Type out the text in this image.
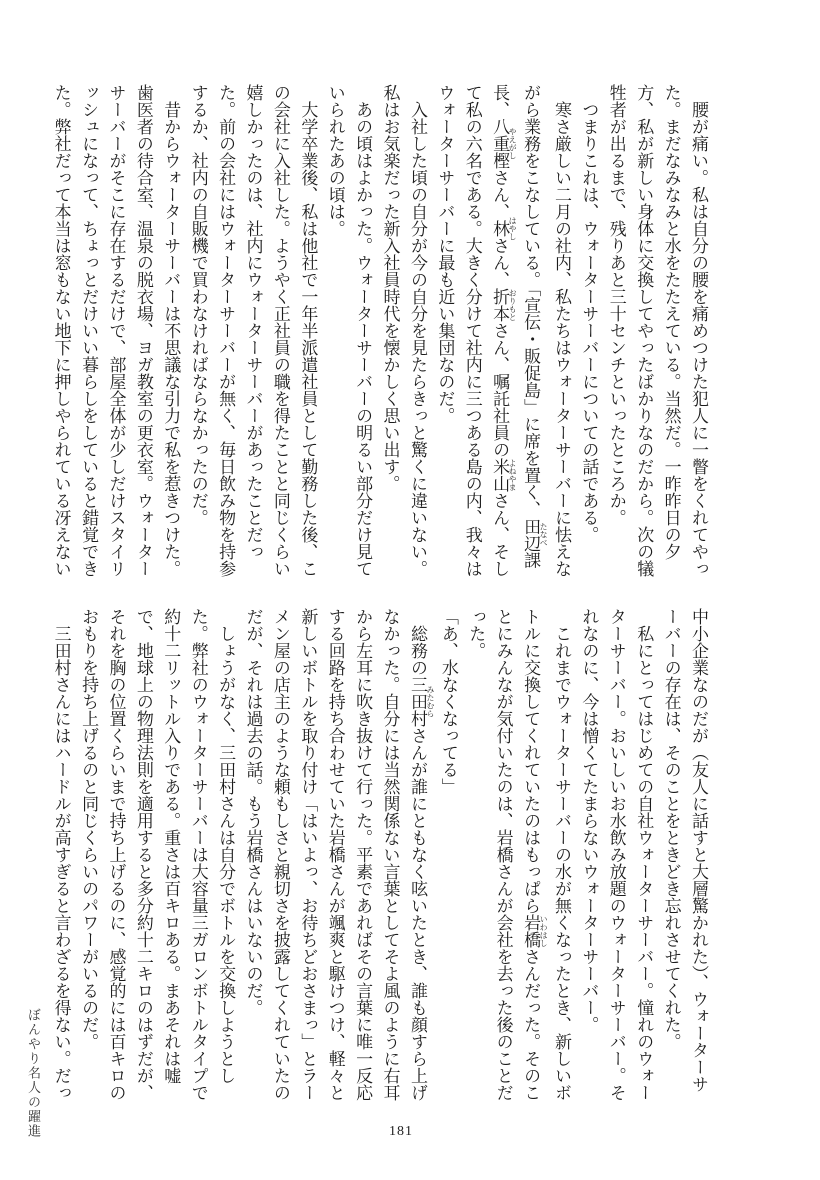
　腰が痛い。私は自分の腰を痛めつけた犯人に一瞥をくれてやっ

た。まだなみなみと水をたたえている。当然だ。一昨昨日の夕

方、私が新しい身体に交換してやったばかりなのだから。次の犠

牲者が出るまで、残りあと三十センチといったところか。

　つまりこれは、ウォーターサーバーについての話である。

　寒さ厳しい二月の社内、私たちはウォーターサーバーに怯えな

がら業務をこなしている。「宣伝・販促島」に席を置く、田辺 たなべ課

長、八重樫 やえがしさん、林 はやしさん、折本 おりもとさん、嘱託社員の米山 よねやまさん、そし

て私の六名である。大きく分けて社内に三つある島の内、我々は

ウォーターサーバーに最も近い集団なのだ。

　入社した頃の自分が今の自分を見たらきっと驚くに違いない。

私はお気楽だった新入社員時代を懐かしく思い出す。

　あの頃はよかった。ウォーターサーバーの明るい部分だけ見て

いられたあの頃は。

　大学卒業後、私は他社で一年半派遣社員として勤務した後、こ

の会社に入社した。ようやく正社員の職を得たことと同じくらい

嬉しかったのは、社内にウォーターサーバーがあったことだっ

た。前の会社にはウォーターサーバーが無く、毎日飲み物を持参

するか、社内の自販機で買わなければならなかったのだ。

　昔からウォーターサーバーは不思議な引力で私を惹きつけた。

歯医者の待合室、温泉の脱衣場、ヨガ教室の更衣室。ウォーター

サーバーがそこに存在するだけで、部屋全体が少しだけスタイリ

ッシュになって、ちょっとだけいい暮らしをしていると錯覚でき

た。弊社だって本当は窓もない地下に押しやられている冴えない

中小企業なのだが（友人に話すと大層驚かれた）、ウォーターサ

ーバーの存在は、そのことをときどき忘れさせてくれた。

　私にとってはじめての自社ウォーターサーバー。憧れのウォー

ターサーバー。おいしいお水飲み放題のウォーターサーバー。そ

れなのに、今は憎くてたまらないウォーターサーバー。

　これまでウォーターサーバーの水が無くなったとき、新しいボ

トルに交換してくれていたのはもっぱら岩橋 いわはしさんだった。そのこ

とにみんなが気付いたのは、岩橋さんが会社を去った後のことだ

った。

「あ、水なくなってる」

　総務の三田村 みたむらさんが誰にともなく呟いたとき、誰も顔すら上げ

なかった。自分には当然関係ない言葉としてそよ風のように右耳

から左耳に吹き抜けて行った。平素であればその言葉に唯一反応

する回路を持ち合わせていた岩橋さんが颯爽と駆けつけ、軽々と

新しいボトルを取り付け「はいよっ、お待ちどおさまっ」とラー

メン屋の店主のような頼もしさと親切さを披露してくれていたの

だが、それは過去の話。もう岩橋さんはいないのだ。

　しょうがなく、三田村さんは自分でボトルを交換しようとし

た。弊社のウォーターサーバーは大容量三ガロンボトルタイプで

約十二リットル入りである。重さは百キロある。まあそれは嘘

で、地球上の物理法則を適用すると多分約十二キロのはずだが、

それを胸の位置くらいまで持ち上げるのに、感覚的には百キロの

おもりを持ち上げるのと同じくらいのパワーがいるのだ。

　三田村さんにはハードルが高すぎると言わざるを得ない。だっ

ぼんやり名人の躍進	181
